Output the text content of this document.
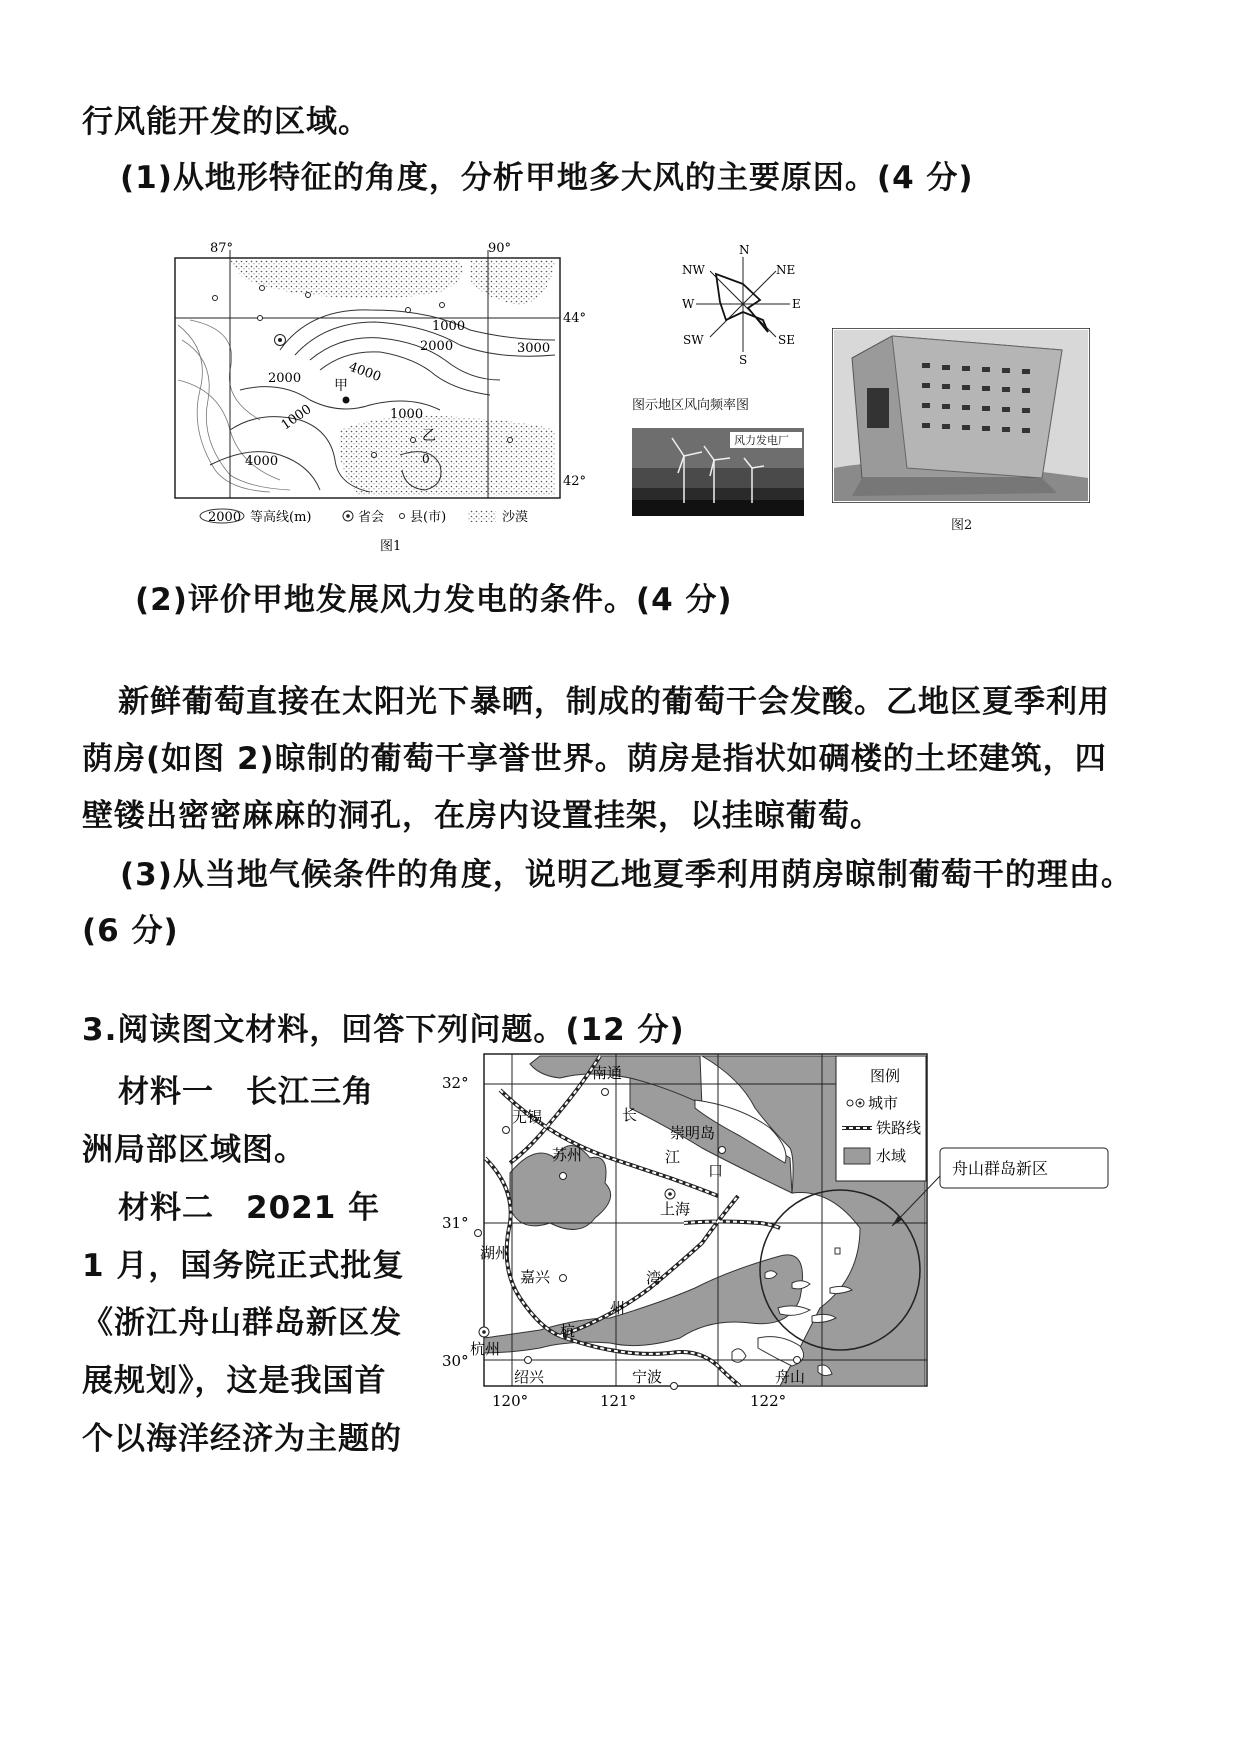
行风能开发的区域。
(1)从地形特征的角度，分析甲地多大风的主要原因。(4 分)
(2)评价甲地发展风力发电的条件。(4 分)
新鲜葡萄直接在太阳光下暴晒，制成的葡萄干会发酸。乙地区夏季利用
荫房(如图 2)晾制的葡萄干享誉世界。荫房是指状如碉楼的土坯建筑，四
壁镂出密密麻麻的洞孔，在房内设置挂架，以挂晾葡萄。
(3)从当地气候条件的角度，说明乙地夏季利用荫房晾制葡萄干的理由。
(6 分)
3.阅读图文材料，回答下列问题。(12 分)
材料一　长江三角
洲局部区域图。
材料二　2021 年
1 月，国务院正式批复
《浙江舟山群岛新区发
展规划》，这是我国首
个以海洋经济为主题的
87°	90°
44°
42°
1000
2000	3000
4000
2000
1000
1000
4000	0
甲
乙
2000 等高线(m)	省会 县(市)	沙漠
图1
N
NE
E
SE
S
SW
W
NW
图示地区风向频率图
风力发电厂
图2
图例
城市
铁路线
水域
舟山群岛新区
南通
无锡
苏州
上海
湖州
嘉兴
杭州
绍兴	宁波	舟山
崇明岛
长
江
口
杭
州
湾
32°
31°
30°
120°	121°	122°
